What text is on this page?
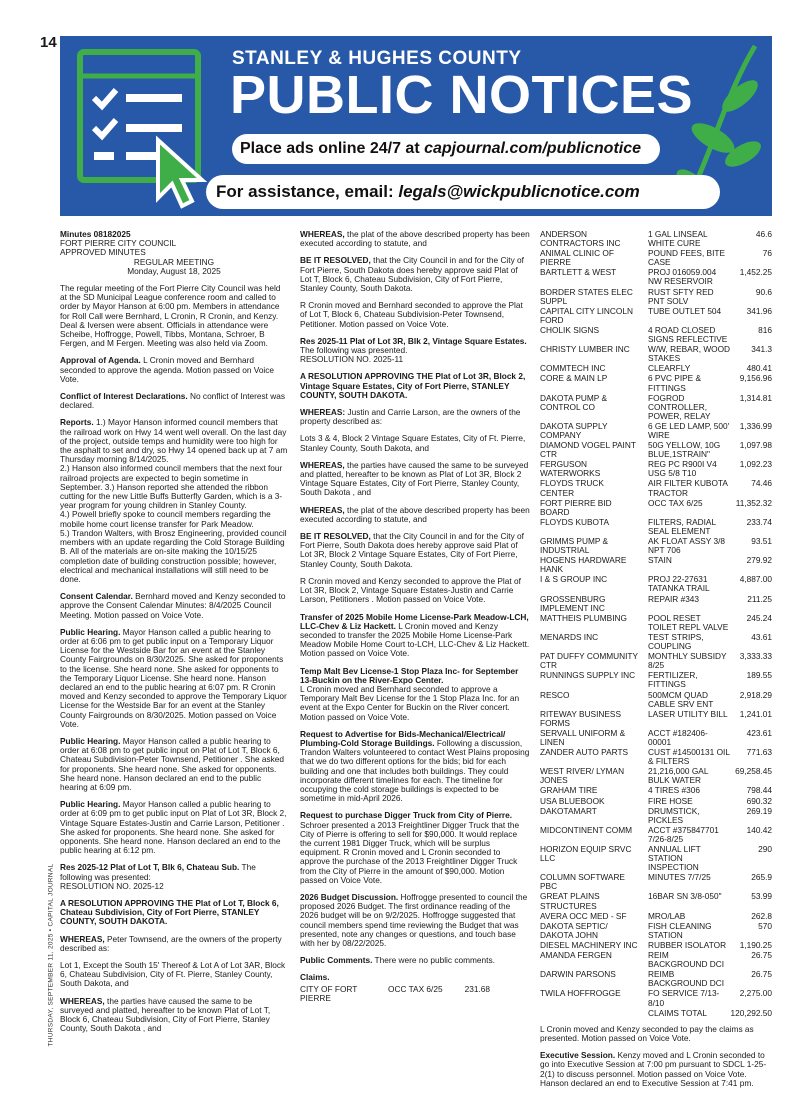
14
THURSDAY, SEPTEMBER 11, 2025 • CAPITAL JOURNAL
STANLEY & HUGHES COUNTY
PUBLIC NOTICES
Place ads online 24/7 at capjournal.com/publicnotice
For assistance, email: legals@wickpublicnotice.com

Minutes 08182025
FORT PIERRE CITY COUNCIL
APPROVED MINUTES

REGULAR MEETING
Monday, August 18, 2025

The regular meeting of the Fort Pierre City Council was held at the SD Municipal League conference room and called to order by Mayor Hanson at 6:00 pm. Members in attendance for Roll Call were Bernhard, L Cronin, R Cronin, and Kenzy. Deal & Iversen were absent. Officials in attendance were Scheibe, Hoffrogge, Powell, Tibbs, Montana, Schroer, B Fergen, and M Fergen. Meeting was also held via Zoom.

Approval of Agenda. L Cronin moved and Bernhard seconded to approve the agenda. Motion passed on Voice Vote.

Conflict of Interest Declarations. No conflict of Interest was declared.

Reports. 1.) Mayor Hanson informed council members that the railroad work on Hwy 14 went well overall. On the last day of the project, outside temps and humidity were too high for the asphalt to set and dry, so Hwy 14 opened back up at 7 am Thursday morning 8/14/2025.
2.) Hanson also informed council members that the next four railroad projects are expected to begin sometime in September. 3.) Hanson reported she attended the ribbon cutting for the new Little Buffs Butterfly Garden, which is a 3-year program for young children in Stanley County.
4.) Powell briefly spoke to council members regarding the mobile home court license transfer for Park Meadow.
5.) Trandon Walters, with Brosz Engineering, provided council members with an update regarding the Cold Storage Building B. All of the materials are on-site making the 10/15/25 completion date of building construction possible; however, electrical and mechanical installations will still need to be done.

Consent Calendar. Bernhard moved and Kenzy seconded to approve the Consent Calendar Minutes: 8/4/2025 Council Meeting. Motion passed on Voice Vote.

Public Hearing. Mayor Hanson called a public hearing to order at 6:06 pm to get public input on a Temporary Liquor License for the Westside Bar for an event at the Stanley County Fairgrounds on 8/30/2025. She asked for proponents to the license. She heard none. She asked for opponents to the Temporary Liquor License. She heard none. Hanson declared an end to the public hearing at 6:07 pm. R Cronin moved and Kenzy seconded to approve the Temporary Liquor License for the Westside Bar for an event at the Stanley County Fairgrounds on 8/30/2025. Motion passed on Voice Vote.

Public Hearing. Mayor Hanson called a public hearing to order at 6:08 pm to get public input on Plat of Lot T, Block 6, Chateau Subdivision-Peter Townsend, Petitioner . She asked for proponents. She heard none. She asked for opponents. She heard none. Hanson declared an end to the public hearing at 6:09 pm.

Public Hearing. Mayor Hanson called a public hearing to order at 6:09 pm to get public input on Plat of Lot 3R, Block 2, Vintage Square Estates-Justin and Carrie Larson, Petitioner . She asked for proponents. She heard none. She asked for opponents. She heard none. Hanson declared an end to the public hearing at 6:12 pm.

Res 2025-12 Plat of Lot T, Blk 6, Chateau Sub. The following was presented:
RESOLUTION NO. 2025-12

A RESOLUTION APPROVING THE Plat of Lot T, Block 6, Chateau Subdivision, City of Fort Pierre, STANLEY COUNTY, SOUTH DAKOTA.

WHEREAS, Peter Townsend, are the owners of the property described as:

Lot 1, Except the South 15' Thereof & Lot A of Lot 3AR, Block 6, Chateau Subdivision, City of Ft. Pierre, Stanley County, South Dakota, and

WHEREAS, the parties have caused the same to be surveyed and platted, hereafter to be known Plat of Lot T, Block 6, Chateau Subdivision, City of Fort Pierre, Stanley County, South Dakota , and

WHEREAS, the plat of the above described property has been executed according to statute, and

BE IT RESOLVED, that the City Council in and for the City of Fort Pierre, South Dakota does hereby approve said Plat of Lot T, Block 6, Chateau Subdivision, City of Fort Pierre, Stanley County, South Dakota.

R Cronin moved and Bernhard seconded to approve the Plat of Lot T, Block 6, Chateau Subdivision-Peter Townsend, Petitioner. Motion passed on Voice Vote.

Res 2025-11 Plat of Lot 3R, Blk 2, Vintage Square Estates. The following was presented.
RESOLUTION NO. 2025-11

A RESOLUTION APPROVING THE Plat of Lot 3R, Block 2, Vintage Square Estates, City of Fort Pierre, STANLEY COUNTY, SOUTH DAKOTA.

WHEREAS: Justin and Carrie Larson, are the owners of the property described as:

Lots 3 & 4, Block 2 Vintage Square Estates, City of Ft. Pierre, Stanley County, South Dakota, and

WHEREAS, the parties have caused the same to be surveyed and platted, hereafter to be known as Plat of Lot 3R, Block 2 Vintage Square Estates, City of Fort Pierre, Stanley County, South Dakota , and

WHEREAS, the plat of the above described property has been executed according to statute, and

BE IT RESOLVED, that the City Council in and for the City of Fort Pierre, South Dakota does hereby approve said Plat of Lot 3R, Block 2 Vintage Square Estates, City of Fort Pierre, Stanley County, South Dakota.

R Cronin moved and Kenzy seconded to approve the Plat of Lot 3R, Block 2, Vintage Square Estates-Justin and Carrie Larson, Petitioners . Motion passed on Voice Vote.

Transfer of 2025 Mobile Home License-Park Meadow-LCH, LLC-Chev & Liz Hackett. L Cronin moved and Kenzy seconded to transfer the 2025 Mobile Home License-Park Meadow Mobile Home Court to-LCH, LLC-Chev & Liz Hackett. Motion passed on Voice Vote.

Temp Malt Bev License-1 Stop Plaza Inc- for September 13-Buckin on the River-Expo Center.
L Cronin moved and Bernhard seconded to approve a Temporary Malt Bev License for the 1 Stop Plaza Inc. for an event at the Expo Center for Buckin on the River concert. Motion passed on Voice Vote.

Request to Advertise for Bids-Mechanical/Electrical/ Plumbing-Cold Storage Buildings. Following a discussion, Trandon Walters volunteered to contact West Plains proposing that we do two different options for the bids; bid for each building and one that includes both buildings. They could incorporate different timelines for each. The timeline for occupying the cold storage buildings is expected to be sometime in mid-April 2026.

Request to purchase Digger Truck from City of Pierre. Schroer presented a 2013 Freightliner Digger Truck that the City of Pierre is offering to sell for $90,000. It would replace the current 1981 Digger Truck, which will be surplus equipment. R Cronin moved and L Cronin seconded to approve the purchase of the 2013 Freightliner Digger Truck from the City of Pierre in the amount of $90,000. Motion passed on Voice Vote.

2026 Budget Discussion. Hoffrogge presented to council the proposed 2026 Budget. The first ordinance reading of the 2026 budget will be on 9/2/2025. Hoffrogge suggested that council members spend time reviewing the Budget that was presented, note any changes or questions, and touch base with her by 08/22/2025.

Public Comments. There were no public comments.

Claims.

CITY OF FORT PIERRE	OCC TAX 6/25	231.68
ANDERSON CONTRACTORS INC	1 GAL LINSEAL WHITE CURE	46.6
ANIMAL CLINIC OF PIERRE	POUND FEES, BITE CASE	76
BARTLETT & WEST	PROJ 016059.004 NW RESERVOIR	1,452.25
BORDER STATES ELEC SUPPL	RUST SFTY RED PNT SOLV	90.6
CAPITAL CITY LINCOLN FORD	TUBE OUTLET 504	341.96
CHOLIK SIGNS	4 ROAD CLOSED SIGNS REFLECTIVE	816
CHRISTY LUMBER INC	W/W, REBAR, WOOD STAKES	341.3
COMMTECH INC	CLEARFLY	480.41
CORE & MAIN LP	6 PVC PIPE & FITTINGS	9,156.96
DAKOTA PUMP & CONTROL CO	FOGROD CONTROLLER, POWER, RELAY	1,314.81
DAKOTA SUPPLY COMPANY	6 GE LED LAMP, 500' WIRE	1,336.99
DIAMOND VOGEL PAINT CTR	50G YELLOW, 10G BLUE,1STRAIN"	1,097.98
FERGUSON WATERWORKS	REG PC R900I V4 USG 5/8 T10	1,092.23
FLOYDS TRUCK CENTER	AIR FILTER KUBOTA TRACTOR	74.46
FORT PIERRE BID BOARD	OCC TAX 6/25	11,352.32
FLOYDS KUBOTA	FILTERS, RADIAL SEAL ELEMENT	233.74
GRIMMS PUMP & INDUSTRIAL	AK FLOAT ASSY 3/8 NPT 706	93.51
HOGENS HARDWARE HANK	STAIN	279.92
I & S GROUP INC	PROJ 22-27631 TATANKA TRAIL	4,887.00
GROSSENBURG IMPLEMENT INC	REPAIR #343	211.25
MATTHEIS PLUMBING	POOL RESET TOILET REPL VALVE	245.24
MENARDS INC	TEST STRIPS, COUPLING	43.61
PAT DUFFY COMMUNITY CTR	MONTHLY SUBSIDY 8/25	3,333.33
RUNNINGS SUPPLY INC	FERTILIZER, FITTINGS	189.55
RESCO	500MCM QUAD CABLE SRV ENT	2,918.29
RITEWAY BUSINESS FORMS	LASER UTILITY BILL	1,241.01
SERVALL UNIFORM & LINEN	ACCT #182406-00001	423.61
ZANDER AUTO PARTS	CUST #14500131 OIL & FILTERS	771.63
WEST RIVER/ LYMAN JONES	21,216,000 GAL BULK WATER	69,258.45
GRAHAM TIRE	4 TIRES #306	798.44
USA BLUEBOOK	FIRE HOSE	690.32
DAKOTAMART	DRUMSTICK, PICKLES	269.19
MIDCONTINENT COMM	ACCT #375847701 7/26-8/25	140.42
HORIZON EQUIP SRVC LLC	ANNUAL LIFT STATION INSPECTION	290
COLUMN SOFTWARE PBC	MINUTES 7/7/25	265.9
GREAT PLAINS STRUCTURES	16BAR SN 3/8-050"	53.99
AVERA OCC MED - SF	MRO/LAB	262.8
DAKOTA SEPTIC/ DAKOTA JOHN	FISH CLEANING STATION	570
DIESEL MACHINERY INC	RUBBER ISOLATOR	1,190.25
AMANDA FERGEN	REIM BACKGROUND DCI	26.75
DARWIN PARSONS	REIMB BACKGROUND DCI	26.75
TWILA HOFFROGGE	FO SERVICE 7/13-8/10	2,275.00
	CLAIMS TOTAL	120,292.50

L Cronin moved and Kenzy seconded to pay the claims as presented. Motion passed on Voice Vote.

Executive Session. Kenzy moved and L Cronin seconded to go into Executive Session at 7:00 pm pursuant to SDCL 1-25-2(1) to discuss personnel. Motion passed on Voice Vote. Hanson declared an end to Executive Session at 7:41 pm.
